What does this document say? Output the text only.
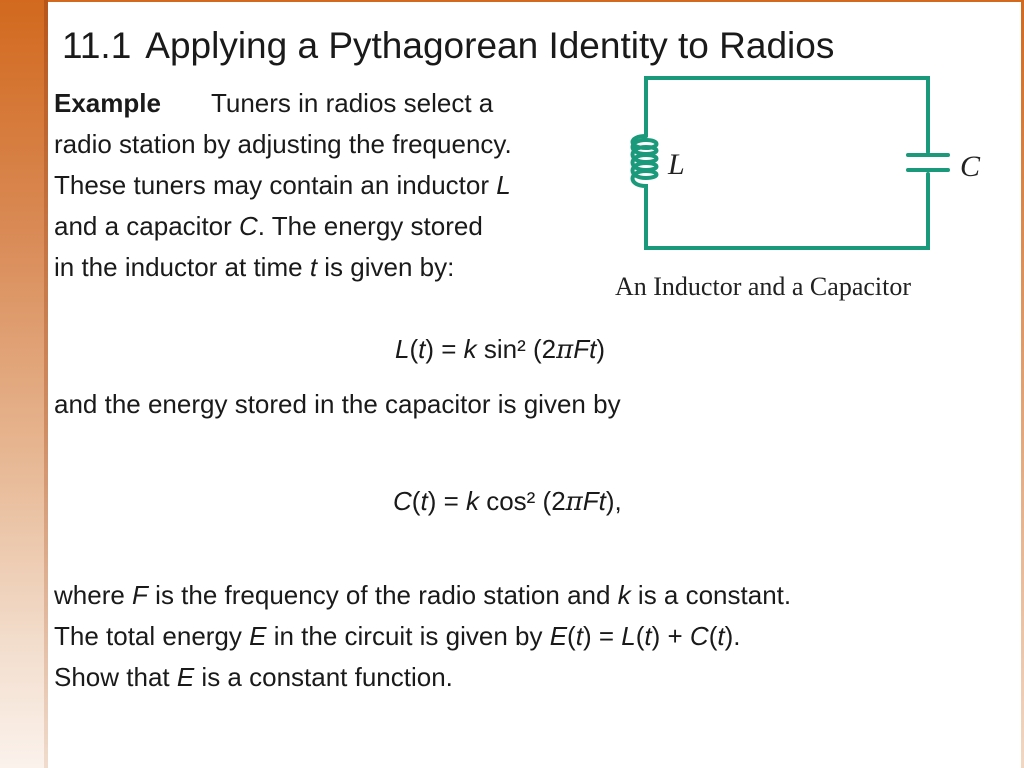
11.1 Applying a Pythagorean Identity to Radios
Example Tuners in radios select a
radio station by adjusting the frequency.
These tuners may contain an inductor L
and a capacitor C. The energy stored
in the inductor at time t is given by:
L	C
An Inductor and a Capacitor
L(t) = k sin² (2πFt)
and the energy stored in the capacitor is given by
C(t) = k cos² (2πFt),
where F is the frequency of the radio station and k is a constant.
The total energy E in the circuit is given by E(t) = L(t) + C(t).
Show that E is a constant function.
